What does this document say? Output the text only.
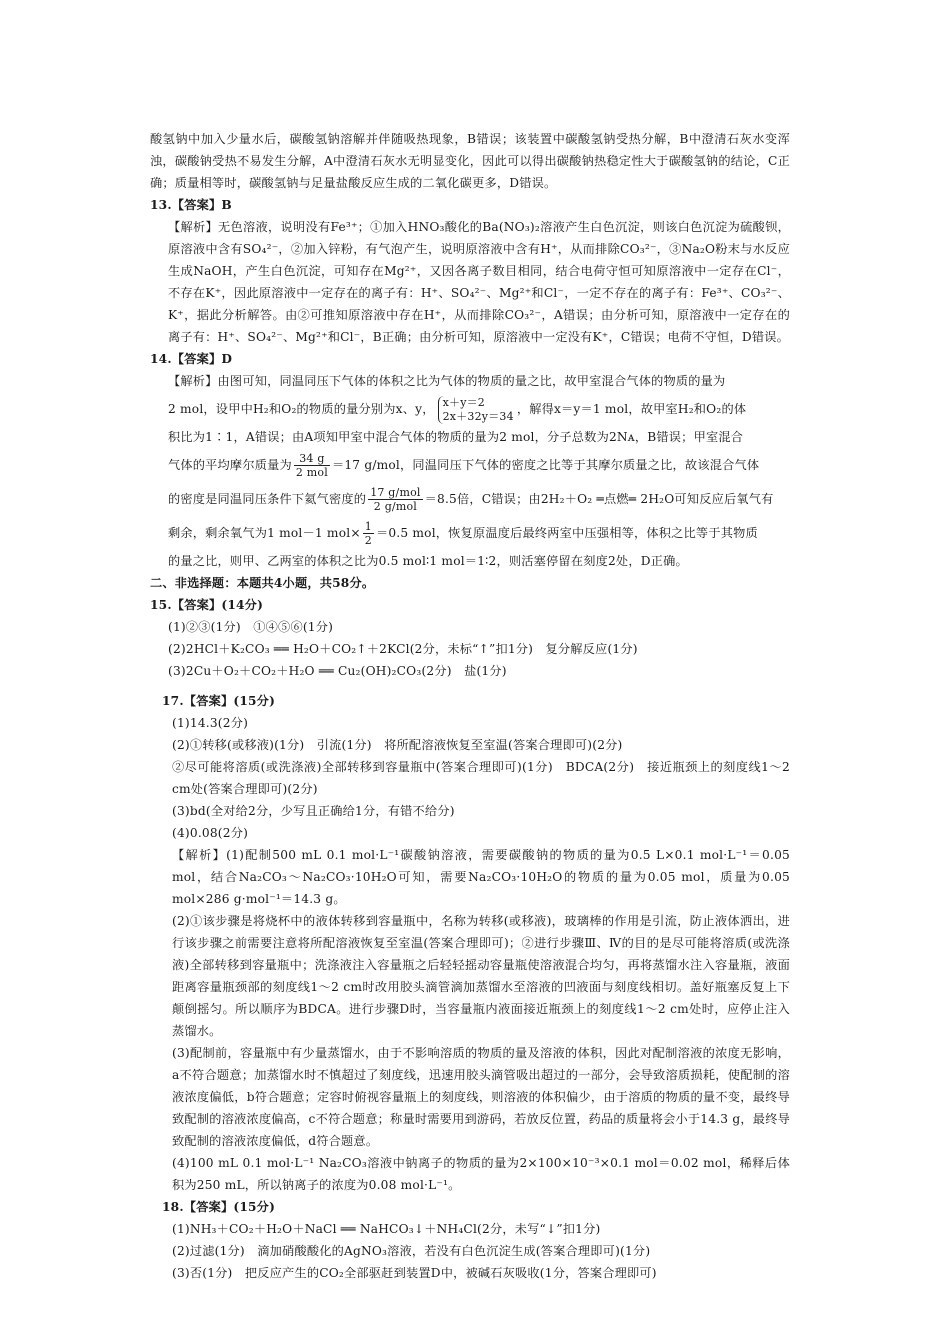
酸氢钠中加入少量水后，碳酸氢钠溶解并伴随吸热现象，B错误；该装置中碳酸氢钠受热分解，B中澄清石灰水变浑浊，碳酸钠受热不易发生分解，A中澄清石灰水无明显变化，因此可以得出碳酸钠热稳定性大于碳酸氢钠的结论，C正确；质量相等时，碳酸氢钠与足量盐酸反应生成的二氧化碳更多，D错误。

13.【答案】B

【解析】无色溶液，说明没有Fe³⁺；①加入HNO₃酸化的Ba(NO₃)₂溶液产生白色沉淀，则该白色沉淀为硫酸钡，原溶液中含有SO₄²⁻，②加入锌粉，有气泡产生，说明原溶液中含有H⁺，从而排除CO₃²⁻，③Na₂O粉末与水反应生成NaOH，产生白色沉淀，可知存在Mg²⁺，又因各离子数目相同，结合电荷守恒可知原溶液中一定存在Cl⁻，不存在K⁺，因此原溶液中一定存在的离子有：H⁺、SO₄²⁻、Mg²⁺和Cl⁻，一定不存在的离子有：Fe³⁺、CO₃²⁻、K⁺，据此分析解答。由②可推知原溶液中存在H⁺，从而排除CO₃²⁻，A错误；由分析可知，原溶液中一定存在的离子有：H⁺、SO₄²⁻、Mg²⁺和Cl⁻，B正确；由分析可知，原溶液中一定没有K⁺，C错误；电荷不守恒，D错误。

14.【答案】D

【解析】由图可知，同温同压下气体的体积之比为气体的物质的量之比，故甲室混合气体的物质的量为

2 mol，设甲中H₂和O₂的物质的量分别为x、y， x＋y＝2
2x＋32y＝34 ，解得x＝y＝1 mol，故甲室H₂和O₂的体

积比为1∶1，A错误；由A项知甲室中混合气体的物质的量为2 mol，分子总数为2Nᴀ，B错误；甲室混合

气体的平均摩尔质量为 $\frac{34 g}{\text{2 mol}} =17$ g/mol，同温同压下气体的密度之比等于其摩尔质量之比，故该混合气体

的密度是同温同压条件下氦气密度的 $\frac{\text{17 g/mol}}{\text{2 g/mol}} =8.5$倍，C错误；由2H₂＋O₂ ═点燃═ 2H₂O可知反应后氧气有

剩余，剩余氧气为1 mol－1 $mol\times \frac{1}{2} =0.5$ mol，恢复原温度后最终两室中压强相等，体积之比等于其物质

的量之比，则甲、乙两室的体积之比为0.5 mol∶1 mol＝1∶2，则活塞停留在刻度2处，D正确。

二、非选择题：本题共4小题，共58分。

15.【答案】(14分)

(1)②③(1分)　①④⑤⑥(1分)

(2)2HCl＋K₂CO₃ ══ H₂O＋CO₂↑＋2KCl(2分，未标“↑”扣1分)　复分解反应(1分)

(3)2Cu＋O₂＋CO₂＋H₂O ══ Cu₂(OH)₂CO₃(2分)　盐(1分)

17.【答案】(15分)

(1)14.3(2分)

(2)①转移(或移液)(1分)　引流(1分)　将所配溶液恢复至室温(答案合理即可)(2分)

②尽可能将溶质(或洗涤液)全部转移到容量瓶中(答案合理即可)(1分)　BDCA(2分)　接近瓶颈上的刻度线1～2 cm处(答案合理即可)(2分)

(3)bd(全对给2分，少写且正确给1分，有错不给分)

(4)0.08(2分)

【解析】(1)配制500 mL 0.1 mol·L⁻¹碳酸钠溶液，需要碳酸钠的物质的量为0.5 L×0.1 mol·L⁻¹＝0.05 mol，结合Na₂CO₃～Na₂CO₃·10H₂O可知，需要Na₂CO₃·10H₂O的物质的量为0.05 mol，质量为0.05 mol×286 g·mol⁻¹＝14.3 g。

(2)①该步骤是将烧杯中的液体转移到容量瓶中，名称为转移(或移液)，玻璃棒的作用是引流，防止液体洒出，进行该步骤之前需要注意将所配溶液恢复至室温(答案合理即可)；②进行步骤Ⅲ、Ⅳ的目的是尽可能将溶质(或洗涤液)全部转移到容量瓶中；洗涤液注入容量瓶之后轻轻摇动容量瓶使溶液混合均匀，再将蒸馏水注入容量瓶，液面距离容量瓶颈部的刻度线1～2 cm时改用胶头滴管滴加蒸馏水至溶液的凹液面与刻度线相切。盖好瓶塞反复上下颠倒摇匀。所以顺序为BDCA。进行步骤D时，当容量瓶内液面接近瓶颈上的刻度线1～2 cm处时，应停止注入蒸馏水。

(3)配制前，容量瓶中有少量蒸馏水，由于不影响溶质的物质的量及溶液的体积，因此对配制溶液的浓度无影响，a不符合题意；加蒸馏水时不慎超过了刻度线，迅速用胶头滴管吸出超过的一部分，会导致溶质损耗，使配制的溶液浓度偏低，b符合题意；定容时俯视容量瓶上的刻度线，则溶液的体积偏少，由于溶质的物质的量不变，最终导致配制的溶液浓度偏高，c不符合题意；称量时需要用到游码，若放反位置，药品的质量将会小于14.3 g，最终导致配制的溶液浓度偏低，d符合题意。

(4)100 mL 0.1 mol·L⁻¹ Na₂CO₃溶液中钠离子的物质的量为2×100×10⁻³×0.1 mol＝0.02 mol，稀释后体积为250 mL，所以钠离子的浓度为0.08 mol·L⁻¹。

18.【答案】(15分)

(1)NH₃＋CO₂＋H₂O＋NaCl ══ NaHCO₃↓＋NH₄Cl(2分，未写“↓”扣1分)

(2)过滤(1分)　滴加硝酸酸化的AgNO₃溶液，若没有白色沉淀生成(答案合理即可)(1分)

(3)否(1分)　把反应产生的CO₂全部驱赶到装置D中，被碱石灰吸收(1分，答案合理即可)
